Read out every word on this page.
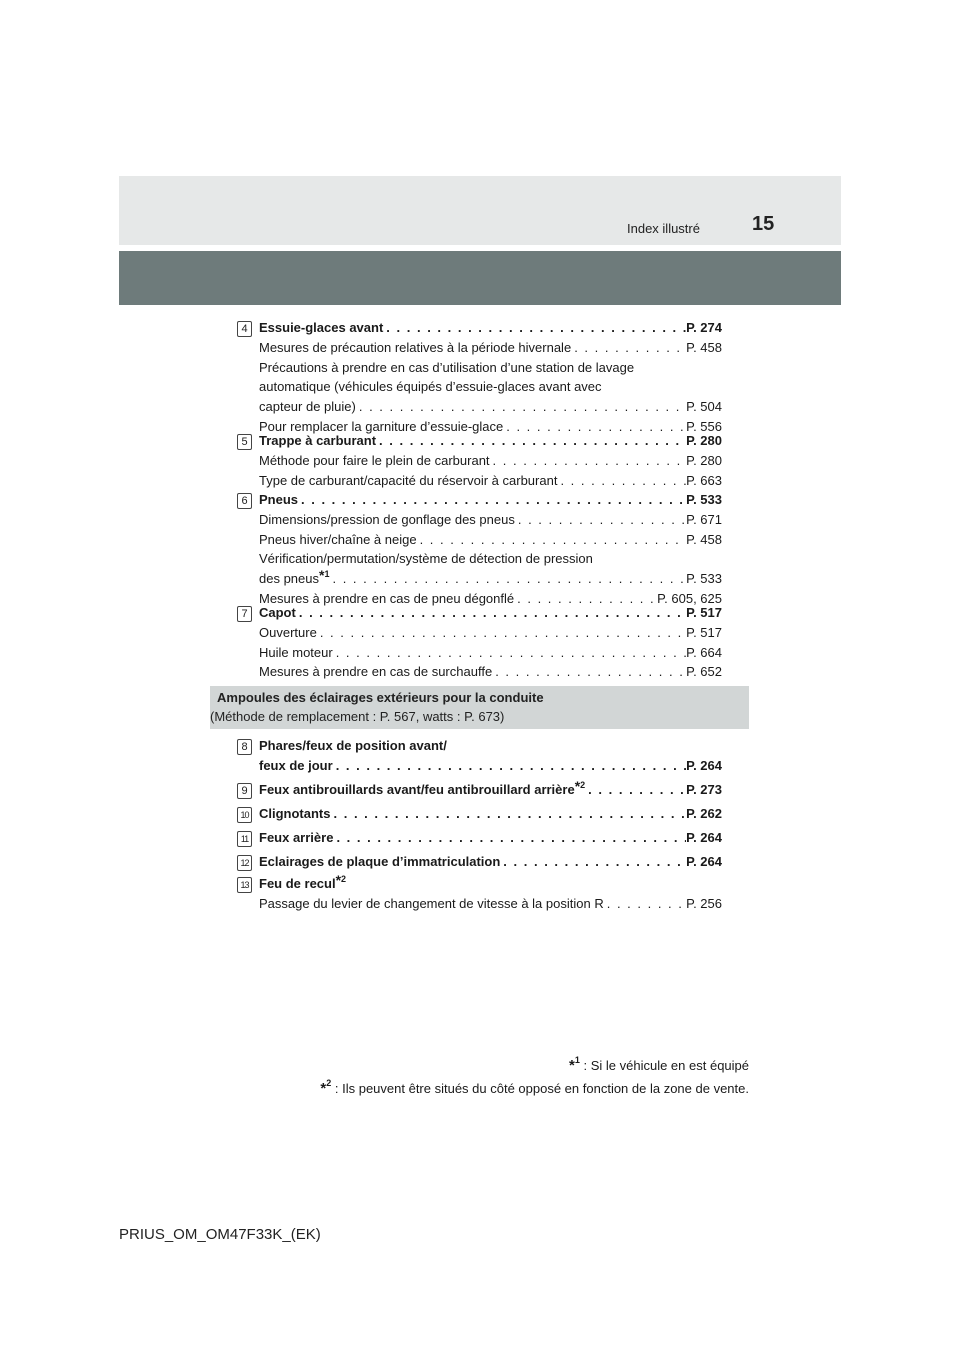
Index illustré	15
4 Essuie-glaces avant . . .	P. 274
Mesures de précaution relatives à la période hivernale . . .	P. 458
Précautions à prendre en cas d’utilisation d’une station de lavage
automatique (véhicules équipés d’essuie-glaces avant avec
capteur de pluie) . . .	P. 504
Pour remplacer la garniture d’essuie-glace . . .	P. 556
5 Trappe à carburant . . .	P. 280
Méthode pour faire le plein de carburant . . .	P. 280
Type de carburant/capacité du réservoir à carburant . . .	P. 663
6 Pneus . . .	P. 533
Dimensions/pression de gonflage des pneus . . .	P. 671
Pneus hiver/chaîne à neige . . .	P. 458
Vérification/permutation/système de détection de pression
des pneus$^{*1}$ . . .	P. 533
Mesures à prendre en cas de pneu dégonflé . . .	P. 605, 625
7 Capot . . .	P. 517
Ouverture . . .	P. 517
Huile moteur . . .	P. 664
Mesures à prendre en cas de surchauffe . . .	P. 652
Ampoules des éclairages extérieurs pour la conduite
(Méthode de remplacement : P. 567, watts : P. 673)
8 Phares/feux de position avant/
feux de jour . . .	P. 264
9 Feux antibrouillards avant/feu antibrouillard arrière$^{*2}$ . . .	P. 273
10 Clignotants . . .	P. 262
11 Feux arrière . . .	P. 264
12 Eclairages de plaque d’immatriculation . . .	P. 264
13 Feu de recul$^{*2}$
Passage du levier de changement de vitesse à la position R . . .	P. 256
*$^1$ : Si le véhicule en est équipé
*$^2$ : Ils peuvent être situés du côté opposé en fonction de la zone de vente.
PRIUS_OM_OM47F33K_(EK)
